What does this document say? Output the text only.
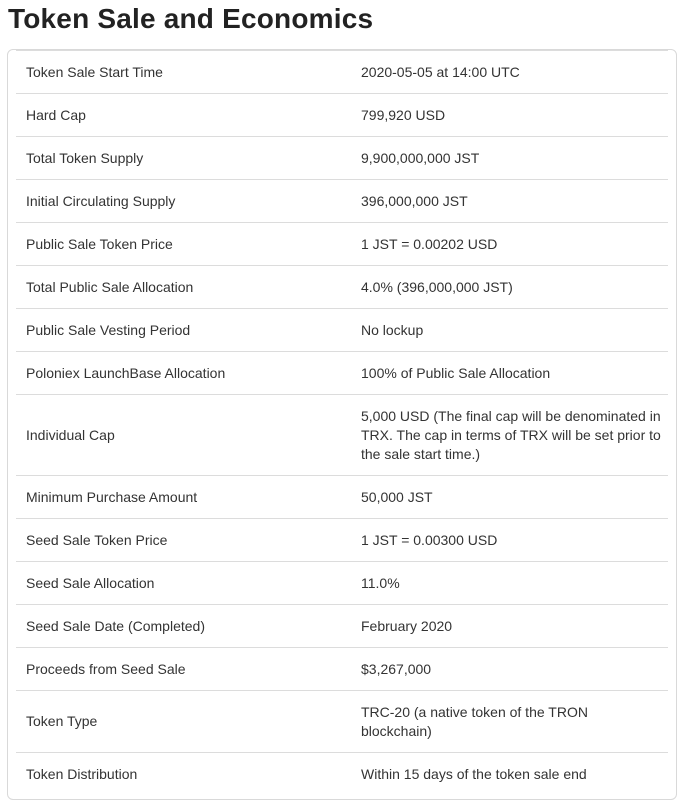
Token Sale and Economics
Token Sale Start Time	2020-05-05 at 14:00 UTC
Hard Cap	799,920 USD
Total Token Supply	9,900,000,000 JST
Initial Circulating Supply	396,000,000 JST
Public Sale Token Price	1 JST = 0.00202 USD
Total Public Sale Allocation	4.0% (396,000,000 JST)
Public Sale Vesting Period	No lockup
Poloniex LaunchBase Allocation	100% of Public Sale Allocation
Individual Cap	5,000 USD (The final cap will be denominated in TRX. The cap in terms of TRX will be set prior to the sale start time.)
Minimum Purchase Amount	50,000 JST
Seed Sale Token Price	1 JST = 0.00300 USD
Seed Sale Allocation	11.0%
Seed Sale Date (Completed)	February 2020
Proceeds from Seed Sale	$3,267,000
Token Type	TRC-20 (a native token of the TRON blockchain)
Token Distribution	Within 15 days of the token sale end
